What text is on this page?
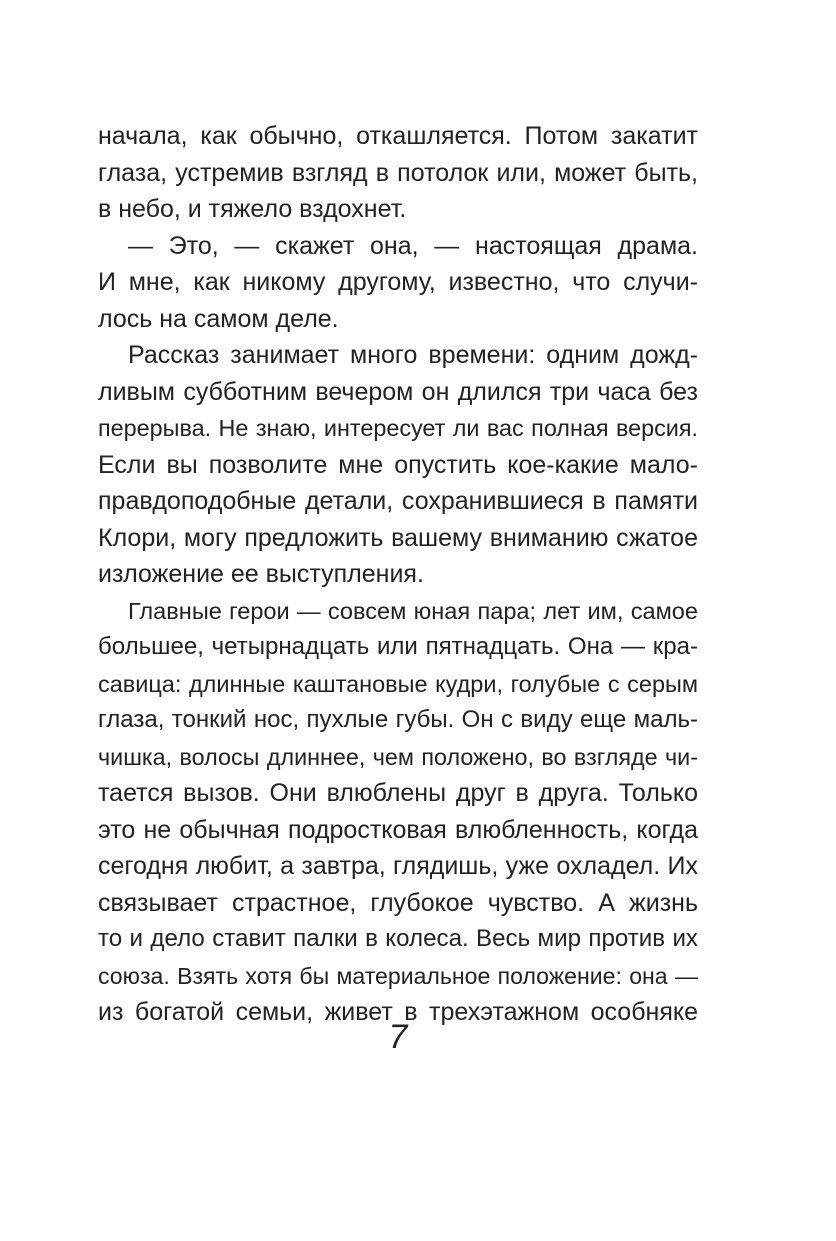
начала, как обычно, откашляется. Потом закатит
глаза, устремив взгляд в потолок или, может быть,
в небо, и тяжело вздохнет.
— Это, — скажет она, — настоящая драма.
И мне, как никому другому, известно, что случи-
лось на самом деле.
Рассказ занимает много времени: одним дожд-
ливым субботним вечером он длился три часа без
перерыва. Не знаю, интересует ли вас полная версия.
Если вы позволите мне опустить кое-какие мало-
правдоподобные детали, сохранившиеся в памяти
Клори, могу предложить вашему вниманию сжатое
изложение ее выступления.
Главные герои — совсем юная пара; лет им, самое
большее, четырнадцать или пятнадцать. Она — кра-
савица: длинные каштановые кудри, голубые с серым
глаза, тонкий нос, пухлые губы. Он с виду еще маль-
чишка, волосы длиннее, чем положено, во взгляде чи-
тается вызов. Они влюблены друг в друга. Только
это не обычная подростковая влюбленность, когда
сегодня любит, а завтра, глядишь, уже охладел. Их
связывает страстное, глубокое чувство. А жизнь
то и дело ставит палки в колеса. Весь мир против их
союза. Взять хотя бы материальное положение: она —
из богатой семьи, живет в трехэтажном особняке
7
